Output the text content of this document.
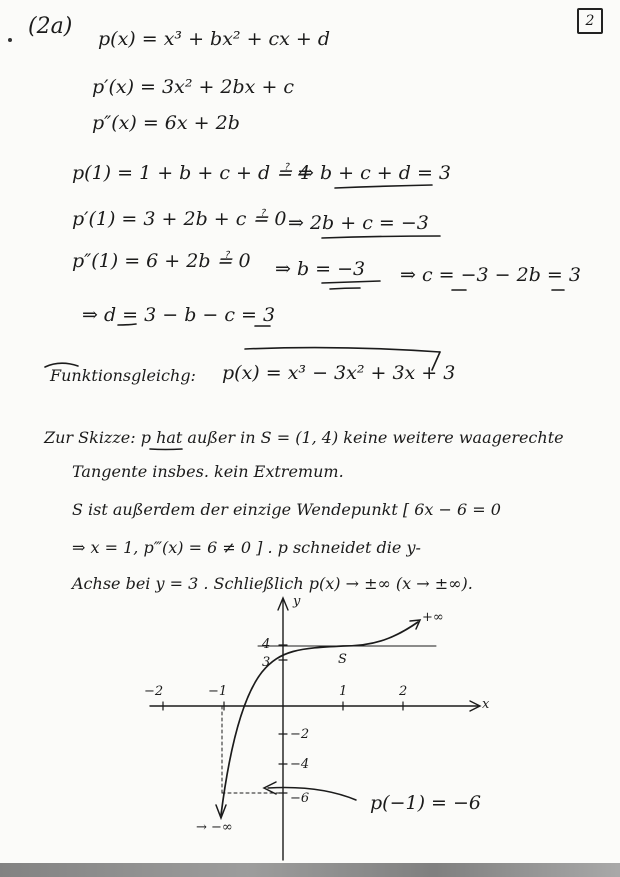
2
(2a) p(x) = x³ + bx² + cx + d
p′(x) = 3x² + 2bx + c
p″(x) = 6x + 2b
p(1) = 1 + b + c + d ≟ 4
⇒ b + c + d = 3
p′(1) = 3 + 2b + c ≟ 0 ⇒ 2b + c = −3
p″(1) = 6 + 2b ≟ 0 ⇒ b = −3 ⇒ c = −3 − 2b = 3
⇒ d = 3 − b − c = 3
Funktionsgleichg: p(x) = x³ − 3x² + 3x + 3
Zur Skizze: p hat außer in S = (1, 4) keine weitere waagerechte
Tangente insbes. kein Extremum.
S ist außerdem der einzige Wendepunkt [ 6x − 6 = 0
⇒ x = 1, p‴(x) = 6 ≠ 0 ] . p schneidet die y-
Achse bei y = 3 . Schließlich p(x) → ±∞ (x → ±∞).
y
x
−2	−1	1	2
4
3
−2
−4
−6
S
+∞
→ −∞
p(−1) = −6
